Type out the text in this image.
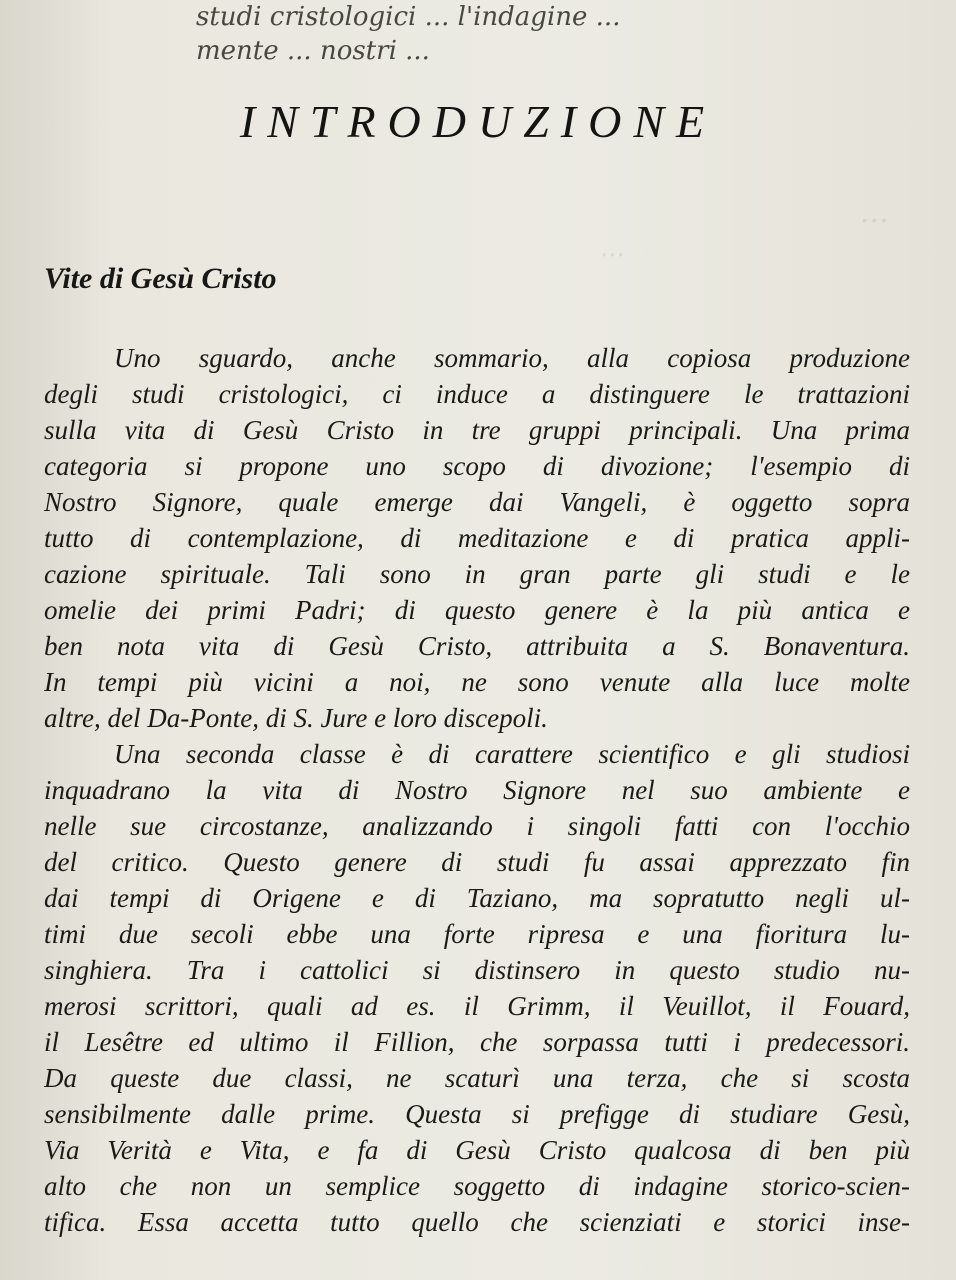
...
...
studi cristologici ... l'indagine ...
mente ... nostri ...
INTRODUZIONE
Vite di Gesù Cristo
Uno sguardo, anche sommario, alla copiosa produzione
degli studi cristologici, ci induce a distinguere le trattazioni
sulla vita di Gesù Cristo in tre gruppi principali. Una prima
categoria si propone uno scopo di divozione; l'esempio di
Nostro Signore, quale emerge dai Vangeli, è oggetto sopra
tutto di contemplazione, di meditazione e di pratica appli-
cazione spirituale. Tali sono in gran parte gli studi e le
omelie dei primi Padri; di questo genere è la più antica e
ben nota vita di Gesù Cristo, attribuita a S. Bonaventura.
In tempi più vicini a noi, ne sono venute alla luce molte
altre, del Da-Ponte, di S. Jure e loro discepoli.
Una seconda classe è di carattere scientifico e gli studiosi
inquadrano la vita di Nostro Signore nel suo ambiente e
nelle sue circostanze, analizzando i singoli fatti con l'occhio
del critico. Questo genere di studi fu assai apprezzato fin
dai tempi di Origene e di Taziano, ma sopratutto negli ul-
timi due secoli ebbe una forte ripresa e una fioritura lu-
singhiera. Tra i cattolici si distinsero in questo studio nu-
merosi scrittori, quali ad es. il Grimm, il Veuillot, il Fouard,
il Lesêtre ed ultimo il Fillion, che sorpassa tutti i predecessori.
Da queste due classi, ne scaturì una terza, che si scosta
sensibilmente dalle prime. Questa si prefigge di studiare Gesù,
Via Verità e Vita, e fa di Gesù Cristo qualcosa di ben più
alto che non un semplice soggetto di indagine storico-scien-
tifica. Essa accetta tutto quello che scienziati e storici inse-
